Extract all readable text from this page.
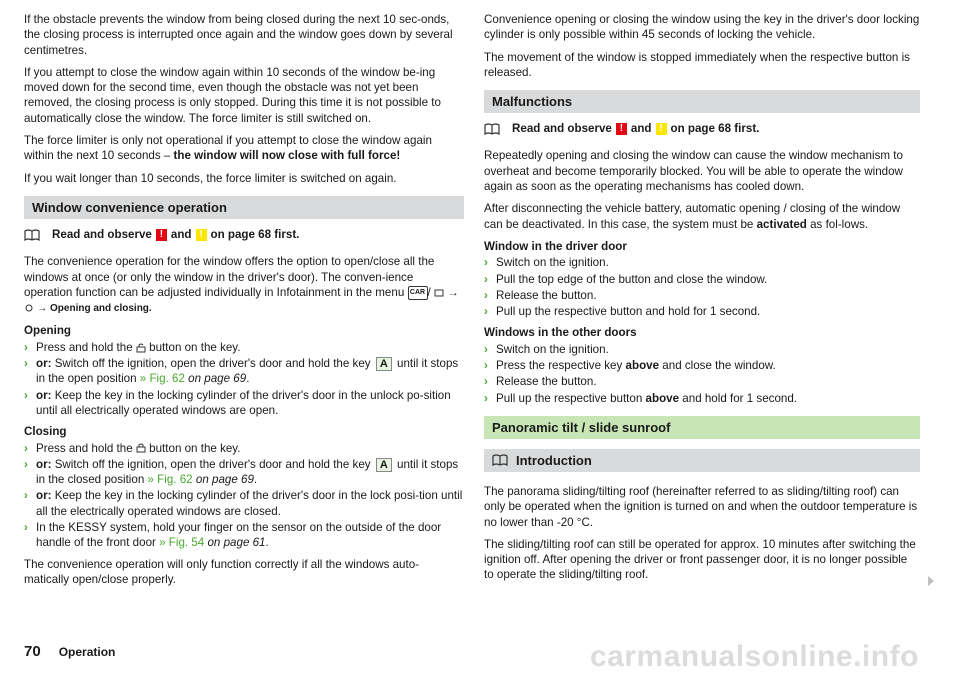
If the obstacle prevents the window from being closed during the next 10 sec-onds, the closing process is interrupted once again and the window goes down by several centimetres.

If you attempt to close the window again within 10 seconds of the window be-ing moved down for the second time, even though the obstacle was not yet been removed, the closing process is only stopped. During this time it is not possible to automatically close the window. The force limiter is still switched on.

The force limiter is only not operational if you attempt to close the window again within the next 10 seconds – the window will now close with full force!

If you wait longer than 10 seconds, the force limiter is switched on again.

Window convenience operation
Read and observe ! and ! on page 68 first.

The convenience operation for the window offers the option to open/close all the windows at once (or only the window in the driver's door). The conven-ience operation function can be adjusted individually in Infotainment in the menu CAR /  →  → Opening and closing.

Opening
› Press and hold the button on the key.
› or: Switch off the ignition, open the driver's door and hold the key A until it stops in the open position » Fig. 62 on page 69.
› or: Keep the key in the locking cylinder of the driver's door in the unlock po-sition until all electrically operated windows are open.
Closing
› Press and hold the button on the key.
› or: Switch off the ignition, open the driver's door and hold the key A until it stops in the closed position » Fig. 62 on page 69.
› or: Keep the key in the locking cylinder of the driver's door in the lock posi-tion until all the electrically operated windows are closed.
› In the KESSY system, hold your finger on the sensor on the outside of the door handle of the front door » Fig. 54 on page 61.

The convenience operation will only function correctly if all the windows auto-matically open/close properly.

Convenience opening or closing the window using the key in the driver's door locking cylinder is only possible within 45 seconds of locking the vehicle.

The movement of the window is stopped immediately when the respective button is released.

Malfunctions
Read and observe ! and ! on page 68 first.

Repeatedly opening and closing the window can cause the window mechanism to overheat and become temporarily blocked. You will be able to operate the window again as soon as the operating mechanisms has cooled down.

After disconnecting the vehicle battery, automatic opening / closing of the window can be deactivated. In this case, the system must be activated as fol-lows.

Window in the driver door
› Switch on the ignition.
› Pull the top edge of the button and close the window.
› Release the button.
› Pull up the respective button and hold for 1 second.
Windows in the other doors
› Switch on the ignition.
› Press the respective key above and close the window.
› Release the button.
› Pull up the respective button above and hold for 1 second.
Panoramic tilt / slide sunroof
Introduction

The panorama sliding/tilting roof (hereinafter referred to as sliding/tilting roof) can only be operated when the ignition is turned on and when the outdoor temperature is no lower than -20 °C.

The sliding/tilting roof can still be operated for approx. 10 minutes after switching the ignition off. After opening the driver or front passenger door, it is no longer possible to operate the sliding/tilting roof.

70 Operation	carmanualsonline.info
